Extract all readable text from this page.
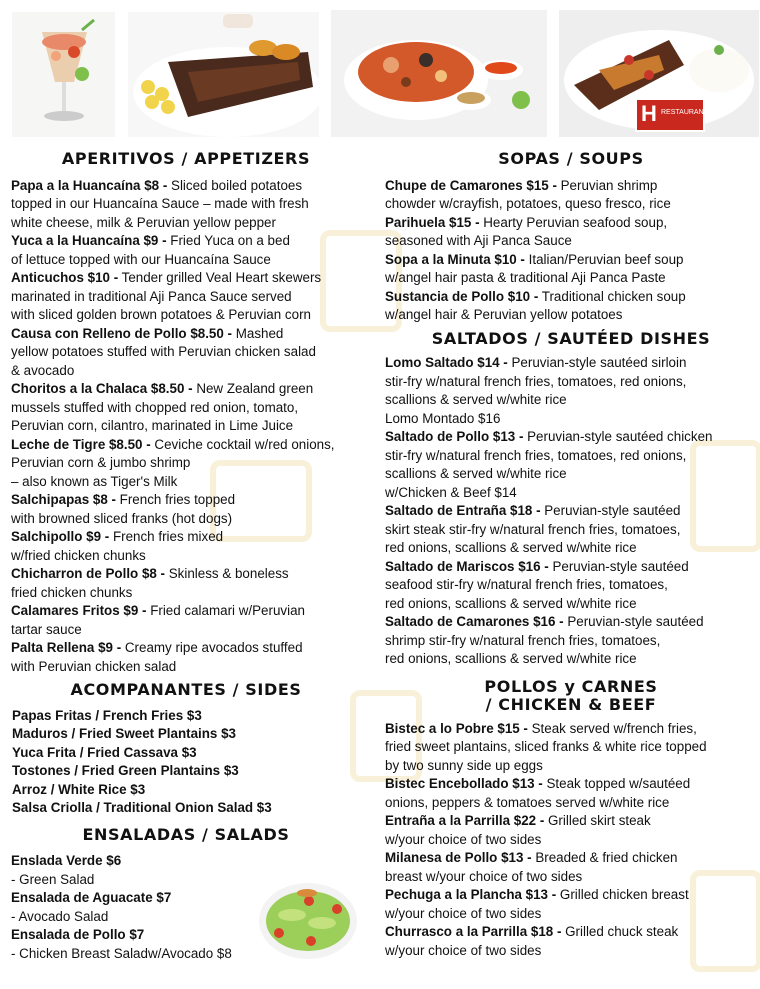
H RESTAURANT

APERITIVOS / APPETIZERS

Papa a la Huancaína $8 - Sliced boiled potatoes

topped in our Huancaína Sauce – made with fresh

white cheese, milk & Peruvian yellow pepper

Yuca a la Huancaína $9 - Fried Yuca on a bed

of lettuce topped with our Huancaína Sauce

Anticuchos $10 - Tender grilled Veal Heart skewers

marinated in traditional Aji Panca Sauce served

with sliced golden brown potatoes & Peruvian corn

Causa con Relleno de Pollo $8.50 - Mashed

yellow potatoes stuffed with Peruvian chicken salad

& avocado

Choritos a la Chalaca $8.50 - New Zealand green

mussels stuffed with chopped red onion, tomato,

Peruvian corn, cilantro, marinated in Lime Juice

Leche de Tigre $8.50 - Ceviche cocktail w/red onions,

Peruvian corn & jumbo shrimp

– also known as Tiger's Milk

Salchipapas $8 - French fries topped

with browned sliced franks (hot dogs)

Salchipollo $9 - French fries mixed

w/fried chicken chunks

Chicharron de Pollo $8 - Skinless & boneless

fried chicken chunks

Calamares Fritos $9 - Fried calamari w/Peruvian

tartar sauce

Palta Rellena $9 - Creamy ripe avocados stuffed

with Peruvian chicken salad

ACOMPANANTES / SIDES

Papas Fritas / French Fries $3

Maduros / Fried Sweet Plantains $3

Yuca Frita / Fried Cassava $3

Tostones / Fried Green Plantains $3

Arroz / White Rice $3

Salsa Criolla / Traditional Onion Salad $3

ENSALADAS / SALADS

Enslada Verde $6

- Green Salad

Ensalada de Aguacate $7

- Avocado Salad

Ensalada de Pollo $7

- Chicken Breast Saladw/Avocado $8

SOPAS / SOUPS

Chupe de Camarones $15 - Peruvian shrimp

chowder w/crayfish, potatoes, queso fresco, rice

Parihuela $15 - Hearty Peruvian seafood soup,

seasoned with Aji Panca Sauce

Sopa a la Minuta $10 - Italian/Peruvian beef soup

w/angel hair pasta & traditional Aji Panca Paste

Sustancia de Pollo $10 - Traditional chicken soup

w/angel hair & Peruvian yellow potatoes

SALTADOS / SAUTÉED DISHES

Lomo Saltado $14 - Peruvian-style sautéed sirloin

stir-fry w/natural french fries, tomatoes, red onions,

scallions & served w/white rice

Lomo Montado $16

Saltado de Pollo $13 - Peruvian-style sautéed chicken

stir-fry w/natural french fries, tomatoes, red onions,

scallions & served w/white rice

w/Chicken & Beef $14

Saltado de Entraña $18 - Peruvian-style sautéed

skirt steak stir-fry w/natural french fries, tomatoes,

red onions, scallions & served w/white rice

Saltado de Mariscos $16 - Peruvian-style sautéed

seafood stir-fry w/natural french fries, tomatoes,

red onions, scallions & served w/white rice

Saltado de Camarones $16 - Peruvian-style sautéed

shrimp stir-fry w/natural french fries, tomatoes,

red onions, scallions & served w/white rice

POLLOS y CARNES

/ CHICKEN & BEEF

Bistec a lo Pobre $15 - Steak served w/french fries,

fried sweet plantains, sliced franks & white rice topped

by two sunny side up eggs

Bistec Encebollado $13 - Steak topped w/sautéed

onions, peppers & tomatoes served w/white rice

Entraña a la Parrilla $22 - Grilled skirt steak

w/your choice of two sides

Milanesa de Pollo $13 - Breaded & fried chicken

breast w/your choice of two sides

Pechuga a la Plancha $13 - Grilled chicken breast

w/your choice of two sides

Churrasco a la Parrilla $18 - Grilled chuck steak

w/your choice of two sides
